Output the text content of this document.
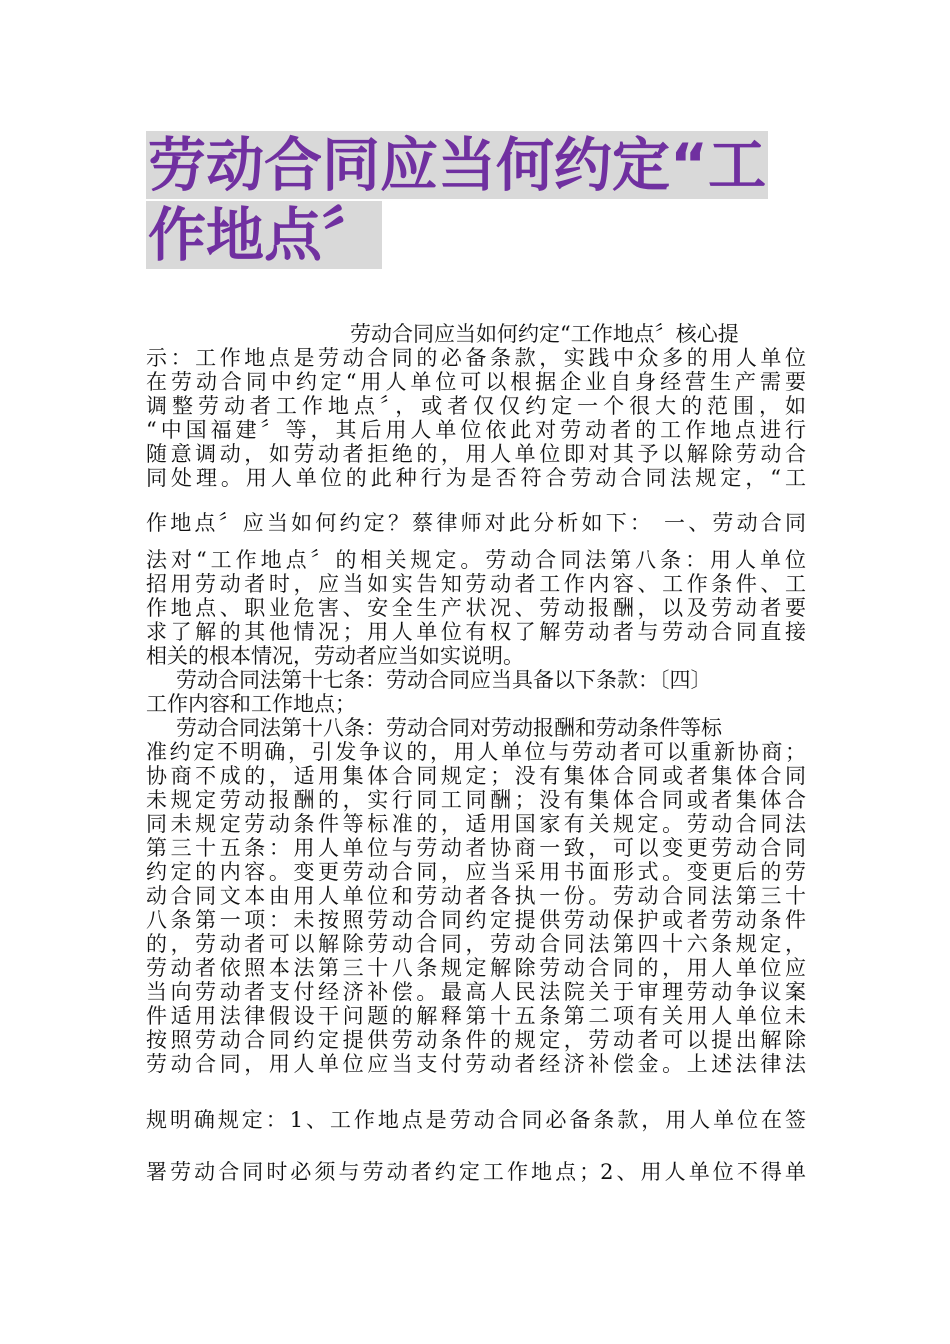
劳动合同应当何约定“工
作地点〞
劳动合同应当如何约定“工作地点〞核心提
示：工作地点是劳动合同的必备条款，实践中众多的用人单位
在劳动合同中约定“用人单位可以根据企业自身经营生产需要
调整劳动者工作地点〞，或者仅仅约定一个很大的范围，如
“中国福建〞等，其后用人单位依此对劳动者的工作地点进行
随意调动，如劳动者拒绝的，用人单位即对其予以解除劳动合
同处理。用人单位的此种行为是否符合劳动合同法规定，“工
作地点〞应当如何约定？蔡律师对此分析如下： 一、劳动合同
法对“工作地点〞的相关规定。劳动合同法第八条：用人单位
招用劳动者时，应当如实告知劳动者工作内容、工作条件、工
作地点、职业危害、安全生产状况、劳动报酬，以及劳动者要
求了解的其他情况；用人单位有权了解劳动者与劳动合同直接
相关的根本情况，劳动者应当如实说明。
劳动合同法第十七条：劳动合同应当具备以下条款：〔四〕
工作内容和工作地点；
劳动合同法第十八条：劳动合同对劳动报酬和劳动条件等标
准约定不明确，引发争议的，用人单位与劳动者可以重新协商；
协商不成的，适用集体合同规定；没有集体合同或者集体合同
未规定劳动报酬的，实行同工同酬；没有集体合同或者集体合
同未规定劳动条件等标准的，适用国家有关规定。劳动合同法
第三十五条：用人单位与劳动者协商一致，可以变更劳动合同
约定的内容。变更劳动合同，应当采用书面形式。变更后的劳
动合同文本由用人单位和劳动者各执一份。劳动合同法第三十
八条第一项：未按照劳动合同约定提供劳动保护或者劳动条件
的，劳动者可以解除劳动合同，劳动合同法第四十六条规定，
劳动者依照本法第三十八条规定解除劳动合同的，用人单位应
当向劳动者支付经济补偿。最高人民法院关于审理劳动争议案
件适用法律假设干问题的解释第十五条第二项有关用人单位未
按照劳动合同约定提供劳动条件的规定，劳动者可以提出解除
劳动合同，用人单位应当支付劳动者经济补偿金。上述法律法
规明确规定：1、工作地点是劳动合同必备条款，用人单位在签
署劳动合同时必须与劳动者约定工作地点；2、用人单位不得单
